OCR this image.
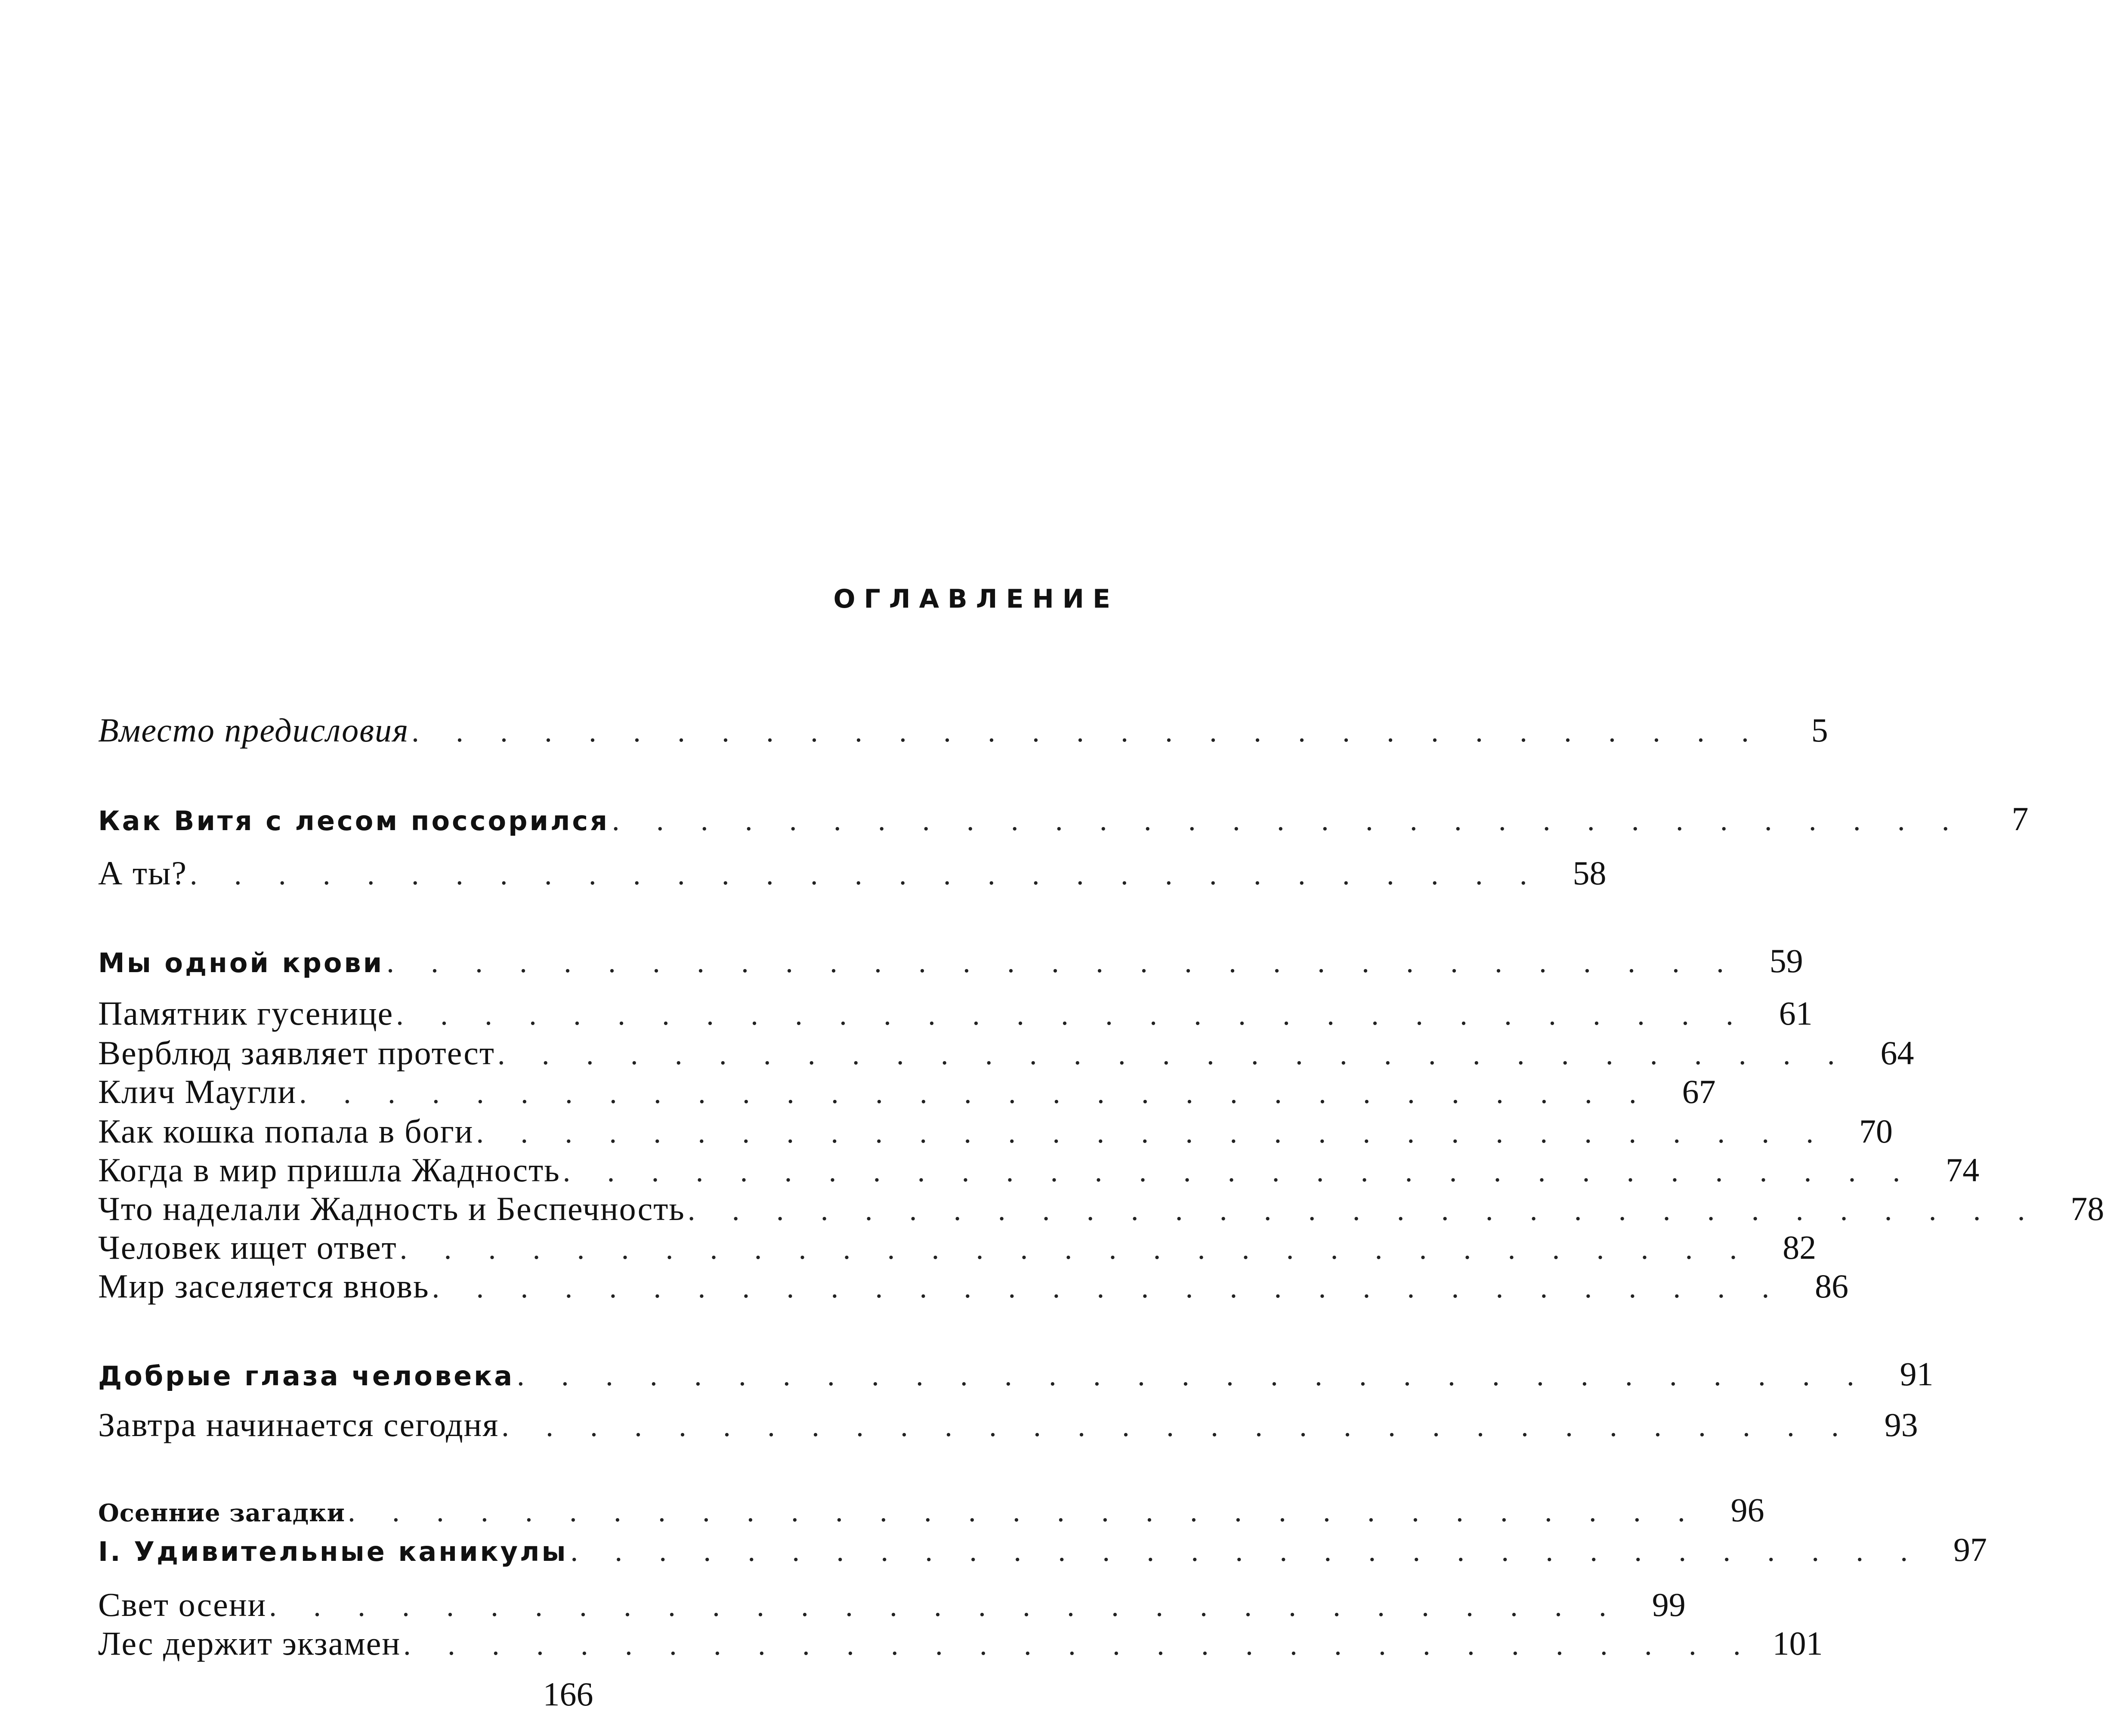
ОГЛАВЛЕНИЕ
Вместо предисловия . . . . . . . . . . . . . . . . . . . . . . . . . . . . . . .	5
Как Витя с лесом поссорился . . . . . . . . . . . . . . . . . . . . . . . . . . . . . . .	7
А ты? . . . . . . . . . . . . . . . . . . . . . . . . . . . . . . . 58
Мы одной крови . . . . . . . . . . . . . . . . . . . . . . . . . . . . . . . 59
Памятник гусенице . . . . . . . . . . . . . . . . . . . . . . . . . . . . . . . 61
Верблюд заявляет протест . . . . . . . . . . . . . . . . . . . . . . . . . . . . . . . 64
Клич Маугли . . . . . . . . . . . . . . . . . . . . . . . . . . . . . . . 67
Как кошка попала в боги . . . . . . . . . . . . . . . . . . . . . . . . . . . . . . . 70
Когда в мир пришла Жадность . . . . . . . . . . . . . . . . . . . . . . . . . . . . . . . 74
Что наделали Жадность и Беспечность . . . . . . . . . . . . . . . . . . . . . . . . . . . . . . . 78
Человек ищет ответ . . . . . . . . . . . . . . . . . . . . . . . . . . . . . . . 82
Мир заселяется вновь . . . . . . . . . . . . . . . . . . . . . . . . . . . . . . . 86
Добрые глаза человека . . . . . . . . . . . . . . . . . . . . . . . . . . . . . . . 91
Завтра начинается сегодня . . . . . . . . . . . . . . . . . . . . . . . . . . . . . . . 93
Осенние загадки . . . . . . . . . . . . . . . . . . . . . . . . . . . . . . . 96
I. Удивительные каникулы . . . . . . . . . . . . . . . . . . . . . . . . . . . . . . . 97
Свет осени . . . . . . . . . . . . . . . . . . . . . . . . . . . . . . . 99
Лес держит экзамен . . . . . . . . . . . . . . . . . . . . . . . . . . . . . . . 101
166
